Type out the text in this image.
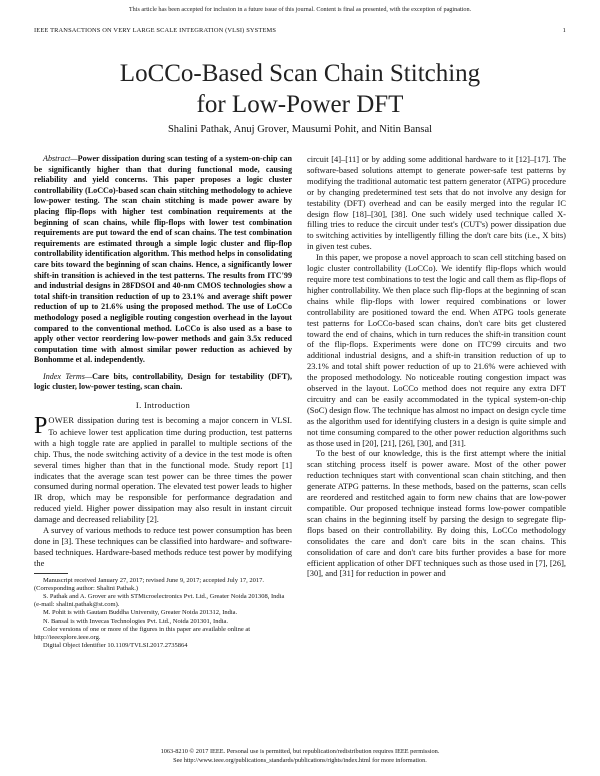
This article has been accepted for inclusion in a future issue of this journal. Content is final as presented, with the exception of pagination.
IEEE TRANSACTIONS ON VERY LARGE SCALE INTEGRATION (VLSI) SYSTEMS	1
LoCCo-Based Scan Chain Stitching
for Low-Power DFT
Shalini Pathak, Anuj Grover, Mausumi Pohit, and Nitin Bansal

Abstract—Power dissipation during scan testing of a system-on-chip can be significantly higher than that during functional mode, causing reliability and yield concerns. This paper proposes a logic cluster controllability (LoCCo)-based scan chain stitching methodology to achieve low-power testing. The scan chain stitching is made power aware by placing flip-flops with higher test combination requirements at the beginning of scan chains, while flip-flops with lower test combination requirements are put toward the end of scan chains. The test combination requirements are estimated through a simple logic cluster and flip-flop controllability identification algorithm. This method helps in consolidating care bits toward the beginning of scan chains. Hence, a significantly lower shift-in transition is achieved in the test patterns. The results from ITC'99 and industrial designs in 28FDSOI and 40-nm CMOS technologies show a total shift-in transition reduction of up to 23.1% and average shift power reduction of up to 21.6% using the proposed method. The use of LoCCo methodology posed a negligible routing congestion overhead in the layout compared to the conventional method. LoCCo is also used as a base to apply other vector reordering low-power methods and gain 3.5x reduced computation time with almost similar power reduction as achieved by Bonhomme et al. independently.

Index Terms—Care bits, controllability, Design for testability (DFT), logic cluster, low-power testing, scan chain.

I. Introduction

POWER dissipation during test is becoming a major concern in VLSI. To achieve lower test application time during production, test patterns with a high toggle rate are applied in parallel to multiple sections of the chip. Thus, the node switching activity of a device in the test mode is often several times higher than that in the functional mode. Study report [1] indicates that the average scan test power can be three times the power consumed during normal operation. The elevated test power leads to higher IR drop, which may be responsible for performance degradation and reduced yield. Higher power dissipation may also result in instant circuit damage and decreased reliability [2].

A survey of various methods to reduce test power consumption has been done in [3]. These techniques can be classified into hardware- and software-based techniques. Hardware-based methods reduce test power by modifying the

Manuscript received January 27, 2017; revised June 9, 2017; accepted July 17, 2017. (Corresponding author: Shalini Pathak.)

S. Pathak and A. Grover are with STMicroelectronics Pvt. Ltd., Greater Noida 201308, India (e-mail: shalini.pathak@st.com).

M. Pohit is with Gautam Buddha University, Greater Noida 201312, India.

N. Bansal is with Invecas Technologies Pvt. Ltd., Noida 201301, India.

Color versions of one or more of the figures in this paper are available online at http://ieeexplore.ieee.org.

Digital Object Identifier 10.1109/TVLSI.2017.2735864

circuit [4]–[11] or by adding some additional hardware to it [12]–[17]. The software-based solutions attempt to generate power-safe test patterns by modifying the traditional automatic test pattern generator (ATPG) procedure or by changing predetermined test sets that do not involve any design for testability (DFT) overhead and can be easily merged into the regular IC design flow [18]–[30], [38]. One such widely used technique called X-filling tries to reduce the circuit under test's (CUT's) power dissipation due to switching activities by intelligently filling the don't care bits (i.e., X bits) in given test cubes.

In this paper, we propose a novel approach to scan cell stitching based on logic cluster controllability (LoCCo). We identify flip-flops which would require more test combinations to test the logic and call them as flip-flops of higher controllability. We then place such flip-flops at the beginning of scan chains while flip-flops with lower required combinations or lower controllability are positioned toward the end. When ATPG tools generate test patterns for LoCCo-based scan chains, don't care bits get clustered toward the end of chains, which in turn reduces the shift-in transition count of the flip-flops. Experiments were done on ITC'99 circuits and two additional industrial designs, and a shift-in transition reduction of up to 23.1% and total shift power reduction of up to 21.6% were achieved with the proposed methodology. No noticeable routing congestion impact was observed in the layout. LoCCo method does not require any extra DFT circuitry and can be easily accommodated in the typical system-on-chip (SoC) design flow. The technique has almost no impact on design cycle time as the algorithm used for identifying clusters in a design is quite simple and not time consuming compared to the other power reduction algorithms such as those used in [20], [21], [26], [30], and [31].

To the best of our knowledge, this is the first attempt where the initial scan stitching process itself is power aware. Most of the other power reduction techniques start with conventional scan chain stitching, and then generate ATPG patterns. In these methods, based on the patterns, scan cells are reordered and restitched again to form new chains that are low-power compatible. Our proposed technique instead forms low-power compatible scan chains in the beginning itself by parsing the design to segregate flip-flops based on their controllability. By doing this, LoCCo methodology consolidates the care and don't care bits in the scan chains. This consolidation of care and don't care bits further provides a base for more efficient application of other DFT techniques such as those used in [7], [26], [30], and [31] for reduction in power and

1063-8210 © 2017 IEEE. Personal use is permitted, but republication/redistribution requires IEEE permission.
See http://www.ieee.org/publications_standards/publications/rights/index.html for more information.
